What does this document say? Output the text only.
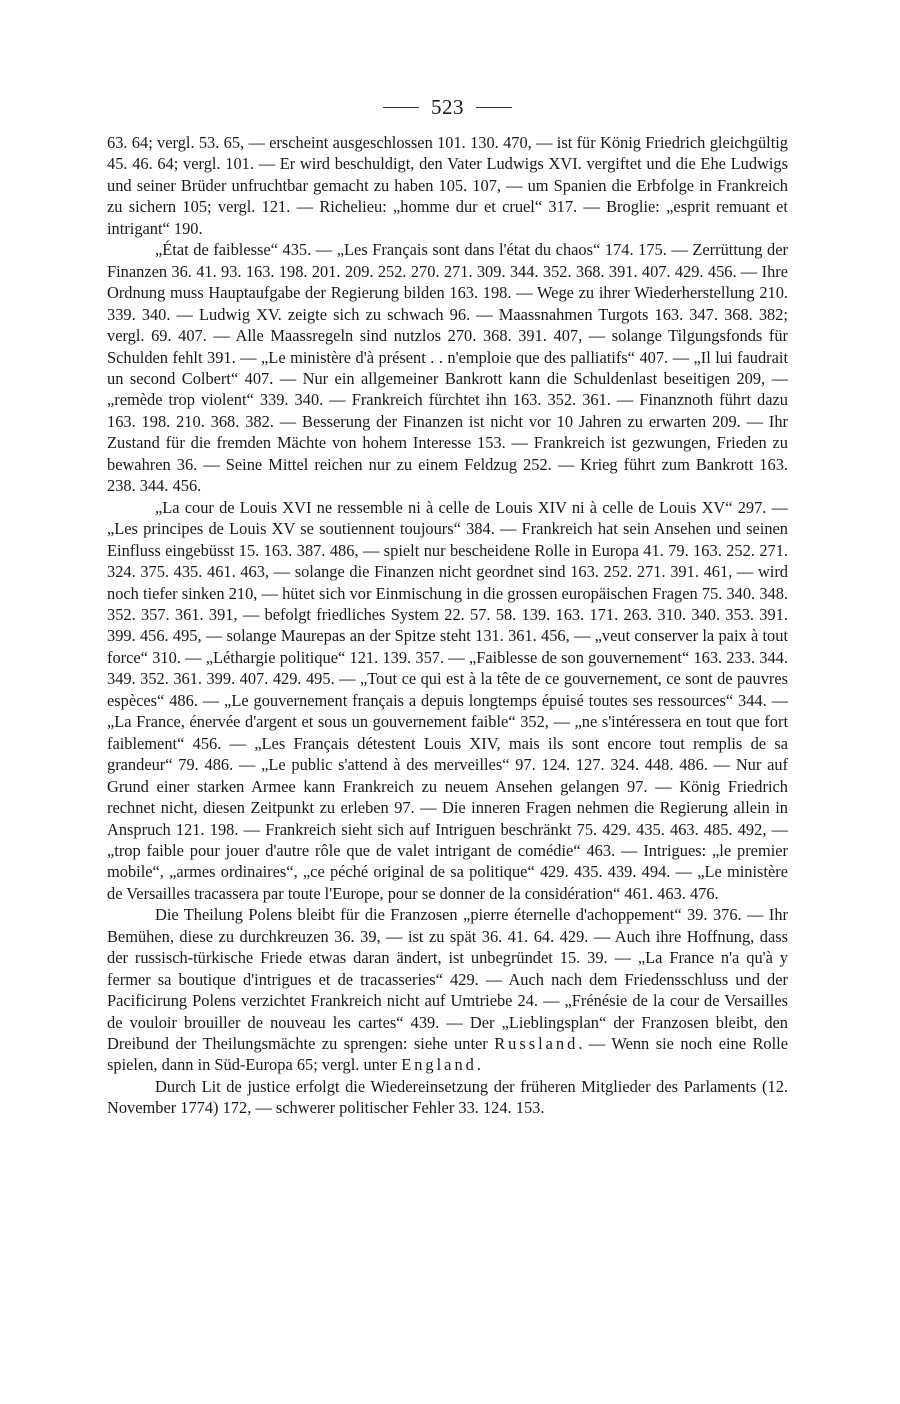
523

63. 64; vergl. 53. 65, — erscheint ausgeschlossen 101. 130. 470, — ist für König Friedrich gleichgültig 45. 46. 64; vergl. 101. — Er wird beschuldigt, den Vater Ludwigs XVI. vergiftet und die Ehe Ludwigs und seiner Brüder unfruchtbar gemacht zu haben 105. 107, — um Spanien die Erbfolge in Frankreich zu sichern 105; vergl. 121. — Richelieu: „homme dur et cruel“ 317. — Broglie: „esprit remuant et intrigant“ 190.

„État de faiblesse“ 435. — „Les Français sont dans l'état du chaos“ 174. 175. — Zerrüttung der Finanzen 36. 41. 93. 163. 198. 201. 209. 252. 270. 271. 309. 344. 352. 368. 391. 407. 429. 456. — Ihre Ordnung muss Hauptaufgabe der Regierung bilden 163. 198. — Wege zu ihrer Wiederherstellung 210. 339. 340. — Ludwig XV. zeigte sich zu schwach 96. — Maassnahmen Turgots 163. 347. 368. 382; vergl. 69. 407. — Alle Maassregeln sind nutzlos 270. 368. 391. 407, — solange Tilgungsfonds für Schulden fehlt 391. — „Le ministère d'à présent . . n'emploie que des palliatifs“ 407. — „Il lui faudrait un second Colbert“ 407. — Nur ein allgemeiner Bankrott kann die Schuldenlast beseitigen 209, — „remède trop violent“ 339. 340. — Frankreich fürchtet ihn 163. 352. 361. — Finanznoth führt dazu 163. 198. 210. 368. 382. — Besserung der Finanzen ist nicht vor 10 Jahren zu erwarten 209. — Ihr Zustand für die fremden Mächte von hohem Interesse 153. — Frankreich ist gezwungen, Frieden zu bewahren 36. — Seine Mittel reichen nur zu einem Feldzug 252. — Krieg führt zum Bankrott 163. 238. 344. 456.

„La cour de Louis XVI ne ressemble ni à celle de Louis XIV ni à celle de Louis XV“ 297. — „Les principes de Louis XV se soutiennent toujours“ 384. — Frankreich hat sein Ansehen und seinen Einfluss eingebüsst 15. 163. 387. 486, — spielt nur bescheidene Rolle in Europa 41. 79. 163. 252. 271. 324. 375. 435. 461. 463, — solange die Finanzen nicht geordnet sind 163. 252. 271. 391. 461, — wird noch tiefer sinken 210, — hütet sich vor Einmischung in die grossen europäischen Fragen 75. 340. 348. 352. 357. 361. 391, — befolgt friedliches System 22. 57. 58. 139. 163. 171. 263. 310. 340. 353. 391. 399. 456. 495, — solange Maurepas an der Spitze steht 131. 361. 456, — „veut conserver la paix à tout force“ 310. — „Léthargie politique“ 121. 139. 357. — „Faiblesse de son gouvernement“ 163. 233. 344. 349. 352. 361. 399. 407. 429. 495. — „Tout ce qui est à la tête de ce gouvernement, ce sont de pauvres espèces“ 486. — „Le gouvernement français a depuis longtemps épuisé toutes ses ressources“ 344. — „La France, énervée d'argent et sous un gouvernement faible“ 352, — „ne s'intéressera en tout que fort faiblement“ 456. — „Les Français détestent Louis XIV, mais ils sont encore tout remplis de sa grandeur“ 79. 486. — „Le public s'attend à des merveilles“ 97. 124. 127. 324. 448. 486. — Nur auf Grund einer starken Armee kann Frankreich zu neuem Ansehen gelangen 97. — König Friedrich rechnet nicht, diesen Zeitpunkt zu erleben 97. — Die inneren Fragen nehmen die Regierung allein in Anspruch 121. 198. — Frankreich sieht sich auf Intriguen beschränkt 75. 429. 435. 463. 485. 492, — „trop faible pour jouer d'autre rôle que de valet intrigant de comédie“ 463. — Intrigues: „le premier mobile“, „armes ordinaires“, „ce péché original de sa politique“ 429. 435. 439. 494. — „Le ministère de Versailles tracassera par toute l'Europe, pour se donner de la considération“ 461. 463. 476.

Die Theilung Polens bleibt für die Franzosen „pierre éternelle d'achoppement“ 39. 376. — Ihr Bemühen, diese zu durchkreuzen 36. 39, — ist zu spät 36. 41. 64. 429. — Auch ihre Hoffnung, dass der russisch-türkische Friede etwas daran ändert, ist unbegründet 15. 39. — „La France n'a qu'à y fermer sa boutique d'intrigues et de tracasseries“ 429. — Auch nach dem Friedensschluss und der Pacificirung Polens verzichtet Frankreich nicht auf Umtriebe 24. — „Frénésie de la cour de Versailles de vouloir brouiller de nouveau les cartes“ 439. — Der „Lieblingsplan“ der Franzosen bleibt, den Dreibund der Theilungsmächte zu sprengen: siehe unter Russland. — Wenn sie noch eine Rolle spielen, dann in Süd-Europa 65; vergl. unter England.

Durch Lit de justice erfolgt die Wiedereinsetzung der früheren Mitglieder des Parlaments (12. November 1774) 172, — schwerer politischer Fehler 33. 124. 153.
